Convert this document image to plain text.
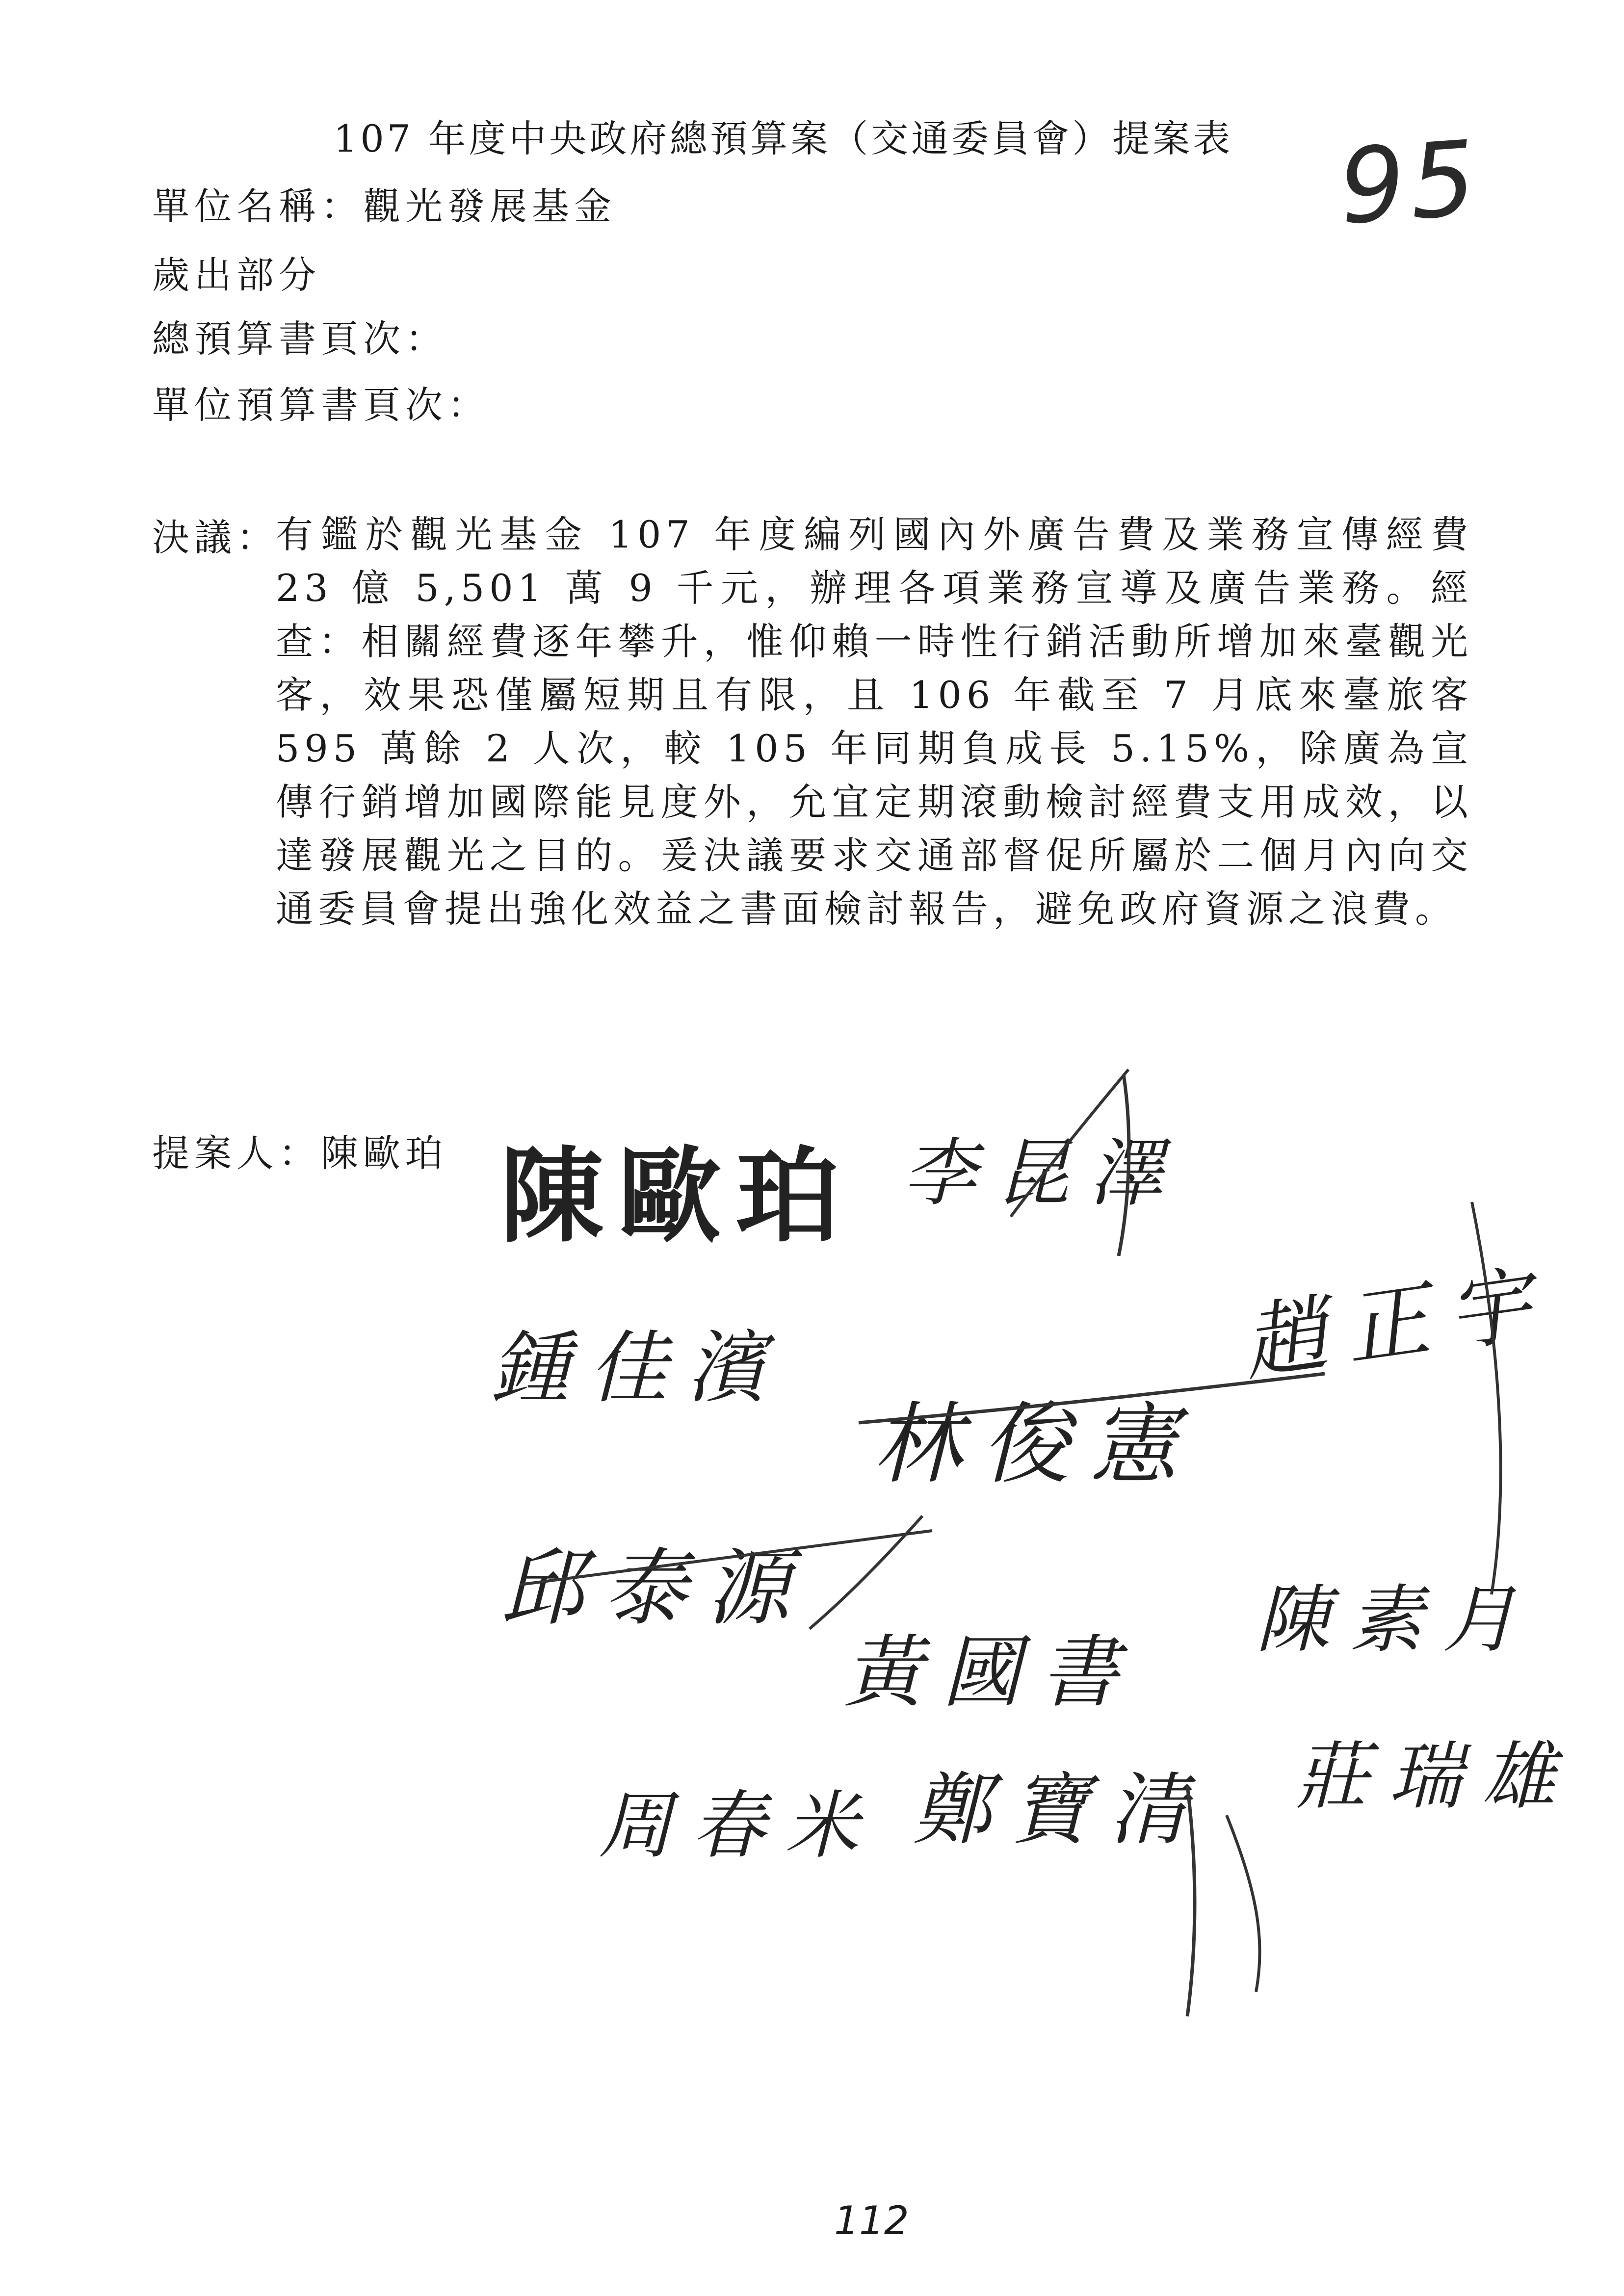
107 年度中央政府總預算案（交通委員會）提案表 95
單位名稱：觀光發展基金
歲出部分
總預算書頁次：
單位預算書頁次：
決議：
有鑑於觀光基金 107 年度編列國內外廣告費及業務宣傳經費 23 億 5,501 萬 9 千元，辦理各項業務宣導及廣告業務。經查：相關經費逐年攀升，惟仰賴一時性行銷活動所增加來臺觀光客，效果恐僅屬短期且有限，且 106 年截至 7 月底來臺旅客 595 萬餘 2 人次，較 105 年同期負成長 5.15%，除廣為宣傳行銷增加國際能見度外，允宜定期滾動檢討經費支用成效，以達發展觀光之目的。爰決議要求交通部督促所屬於二個月內向交通委員會提出強化效益之書面檢討報告，避免政府資源之浪費。
提案人：陳歐珀 陳歐珀 李昆澤
鍾佳濱
林俊憲
趙正宇
邱泰源
黃國書
陳素月
周春米 鄭寶清 莊瑞雄
112
